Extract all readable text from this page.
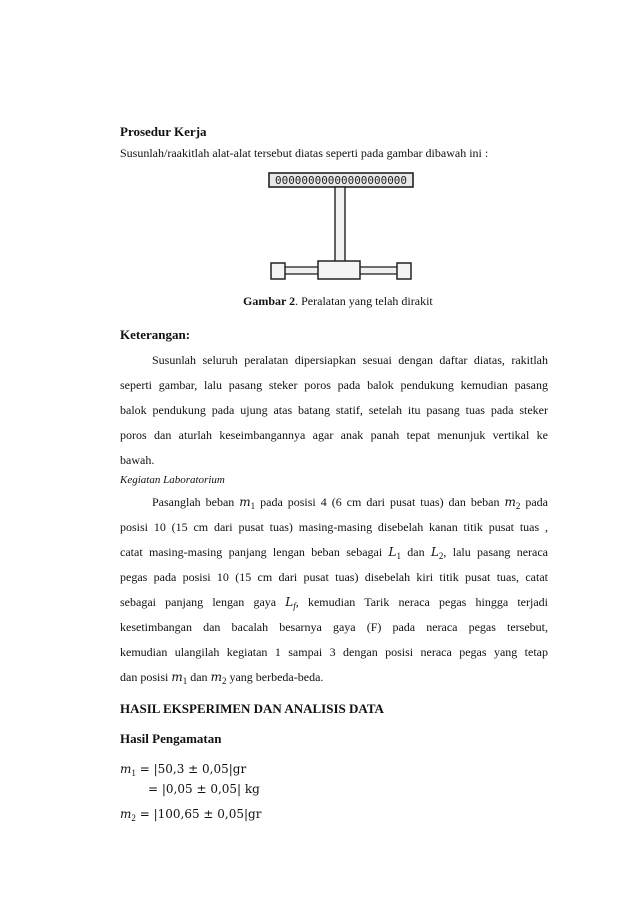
Prosedur Kerja
Susunlah/raakitlah alat-alat tersebut diatas seperti pada gambar dibawah ini :
00000000000000000000
Gambar 2. Peralatan yang telah dirakit
Keterangan:
Susunlah seluruh peralatan dipersiapkan sesuai dengan daftar diatas, rakitlah
seperti gambar, lalu pasang steker poros pada balok pendukung kemudian pasang
balok pendukung pada ujung atas batang statif, setelah itu pasang tuas pada steker
poros dan aturlah keseimbangannya agar anak panah tepat menunjuk vertikal ke
bawah.
Kegiatan Laboratorium
Pasanglah beban $m_1$ pada posisi 4 (6 cm dari pusat tuas) dan beban $m_2$ pada
posisi 10 (15 cm dari pusat tuas) masing-masing disebelah kanan titik pusat tuas ,
catat masing-masing panjang lengan beban sebagai $L_1$ dan $L_2$, lalu pasang neraca
pegas pada posisi 10 (15 cm dari pusat tuas) disebelah kiri titik pusat tuas, catat
sebagai panjang lengan gaya $L_f$, kemudian Tarik neraca pegas hingga terjadi
kesetimbangan dan bacalah besarnya gaya (F) pada neraca pegas tersebut,
kemudian ulangilah kegiatan 1 sampai 3 dengan posisi neraca pegas yang tetap
dan posisi $m_1$ dan $m_2$ yang berbeda-beda.
HASIL EKSPERIMEN DAN ANALISIS DATA
Hasil Pengamatan
$m_1 = |50,3 \pm 0,05|gr$
= |0,05 ± 0,05| kg
$m_2 = |100,65 \pm 0,05|gr$
